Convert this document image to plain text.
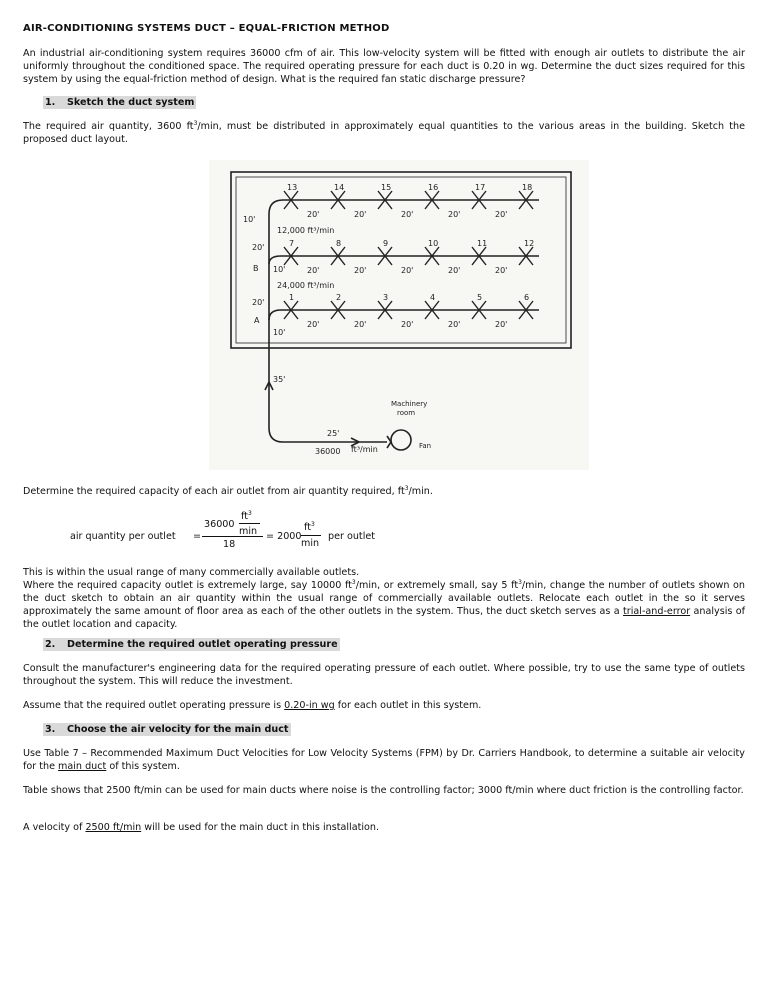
AIR-CONDITIONING SYSTEMS DUCT – EQUAL-FRICTION METHOD
An industrial air-conditioning system requires 36000 cfm of air. This low-velocity system will be fitted with enough air outlets to distribute the air uniformly throughout the conditioned space. The required operating pressure for each duct is 0.20 in wg. Determine the duct sizes required for this system by using the equal-friction method of design. What is the required fan static discharge pressure?
1. Sketch the duct system
The required air quantity, 3600 $ft^3/\min$, must be distributed in approximately equal quantities to the various areas in the building. Sketch the proposed duct layout.
13	14	15	16	17	18
7	8	9	10	11	12
1	2	3	4	5	6
20'	20'	20'	20'	20'
20'	20'	20'	20'	20'
20'	20'	20'	20'	20'
10'
10'
10'
20'
20'
B
A
12,000 ft³/min
24,000 ft³/min
35'
25'
36000 ft³/min
Machinery
room
Fan
Determine the required capacity of each air outlet from air quantity required, $ft^3/\min$.
air quantity per outlet =
36000
$ft^3$
min
18
= 2000
$ft^3$
min
per outlet
This is within the usual range of many commercially available outlets.
Where the required capacity outlet is extremely large, say 10000 $ft^3/\min$, or extremely small, say 5 $ft^3/\min$, change the number of outlets shown on the duct sketch to obtain an air quantity within the usual range of commercially available outlets. Relocate each outlet in the so it serves approximately the same amount of floor area as each of the other outlets in the system. Thus, the duct sketch serves as a trial-and-error analysis of the outlet location and capacity.
2. Determine the required outlet operating pressure
Consult the manufacturer's engineering data for the required operating pressure of each outlet. Where possible, try to use the same type of outlets throughout the system. This will reduce the investment.
Assume that the required outlet operating pressure is 0.20-in wg for each outlet in this system.
3. Choose the air velocity for the main duct
Use Table 7 – Recommended Maximum Duct Velocities for Low Velocity Systems (FPM) by Dr. Carriers Handbook, to determine a suitable air velocity for the main duct of this system.
Table shows that 2500 ft/min can be used for main ducts where noise is the controlling factor; 3000 ft/min where duct friction is the controlling factor.
A velocity of 2500 ft/min will be used for the main duct in this installation.
